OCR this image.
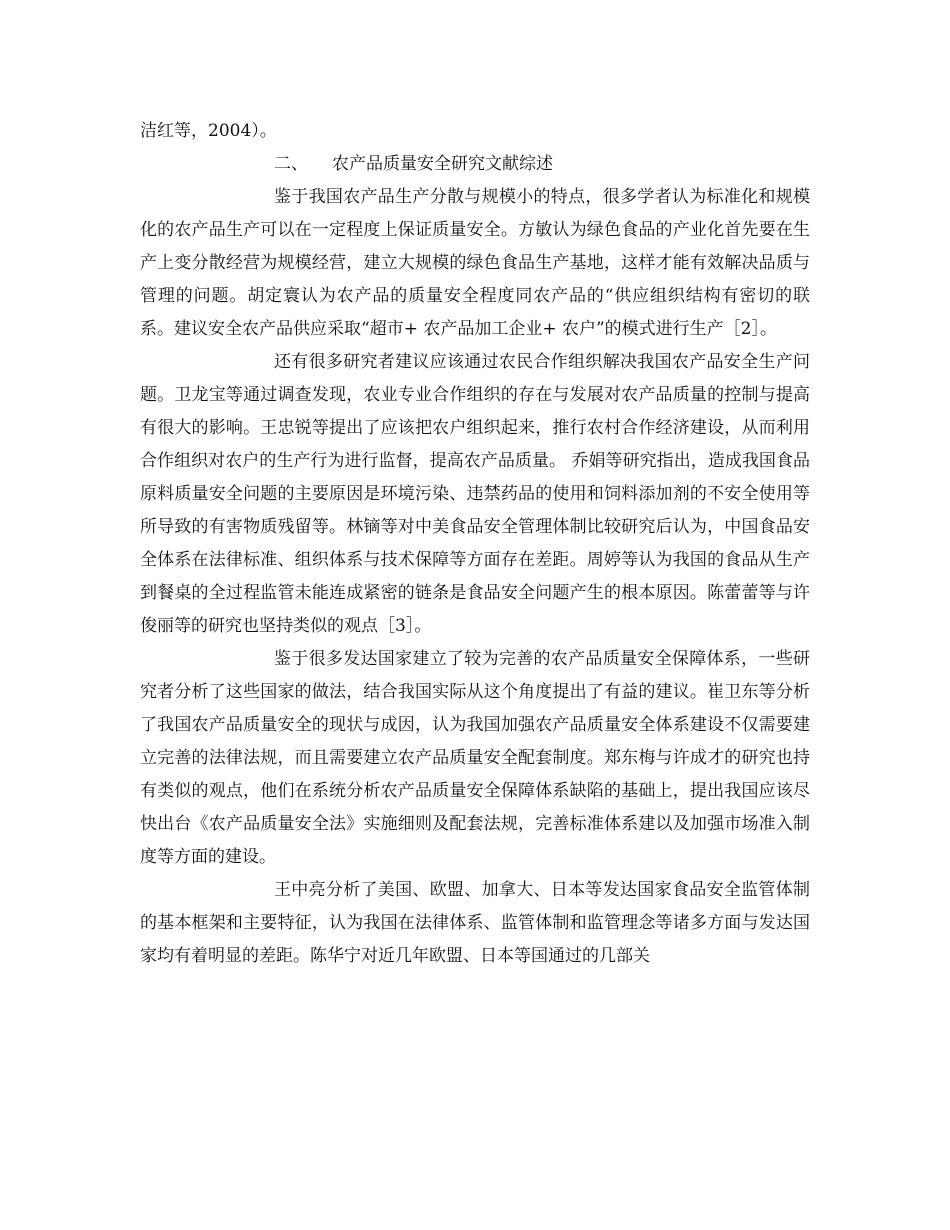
洁红等，2004）。

二、 农产品质量安全研究文献综述

鉴于我国农产品生产分散与规模小的特点，很多学者认为标准化和规模化的农产品生产可以在一定程度上保证质量安全。方敏认为绿色食品的产业化首先要在生产上变分散经营为规模经营，建立大规模的绿色食品生产基地，这样才能有效解决品质与管理的问题。胡定寰认为农产品的质量安全程度同农产品的“供应组织结构有密切的联系。建议安全农产品供应采取“超市+ 农产品加工企业+ 农户”的模式进行生产［2］。

还有很多研究者建议应该通过农民合作组织解决我国农产品安全生产问题。卫龙宝等通过调查发现，农业专业合作组织的存在与发展对农产品质量的控制与提高有很大的影响。王忠锐等提出了应该把农户组织起来，推行农村合作经济建设，从而利用合作组织对农户的生产行为进行监督，提高农产品质量。 乔娟等研究指出，造成我国食品原料质量安全问题的主要原因是环境污染、违禁药品的使用和饲料添加剂的不安全使用等所导致的有害物质残留等。林镝等对中美食品安全管理体制比较研究后认为，中国食品安全体系在法律标准、组织体系与技术保障等方面存在差距。周婷等认为我国的食品从生产到餐桌的全过程监管未能连成紧密的链条是食品安全问题产生的根本原因。陈蕾蕾等与许俊丽等的研究也坚持类似的观点［3］。

鉴于很多发达国家建立了较为完善的农产品质量安全保障体系，一些研究者分析了这些国家的做法，结合我国实际从这个角度提出了有益的建议。崔卫东等分析了我国农产品质量安全的现状与成因，认为我国加强农产品质量安全体系建设不仅需要建立完善的法律法规，而且需要建立农产品质量安全配套制度。郑东梅与许成才的研究也持有类似的观点，他们在系统分析农产品质量安全保障体系缺陷的基础上，提出我国应该尽快出台《农产品质量安全法》实施细则及配套法规，完善标准体系建以及加强市场准入制度等方面的建设。

王中亮分析了美国、欧盟、加拿大、日本等发达国家食品安全监管体制的基本框架和主要特征，认为我国在法律体系、监管体制和监管理念等诸多方面与发达国家均有着明显的差距。陈华宁对近几年欧盟、日本等国通过的几部关
